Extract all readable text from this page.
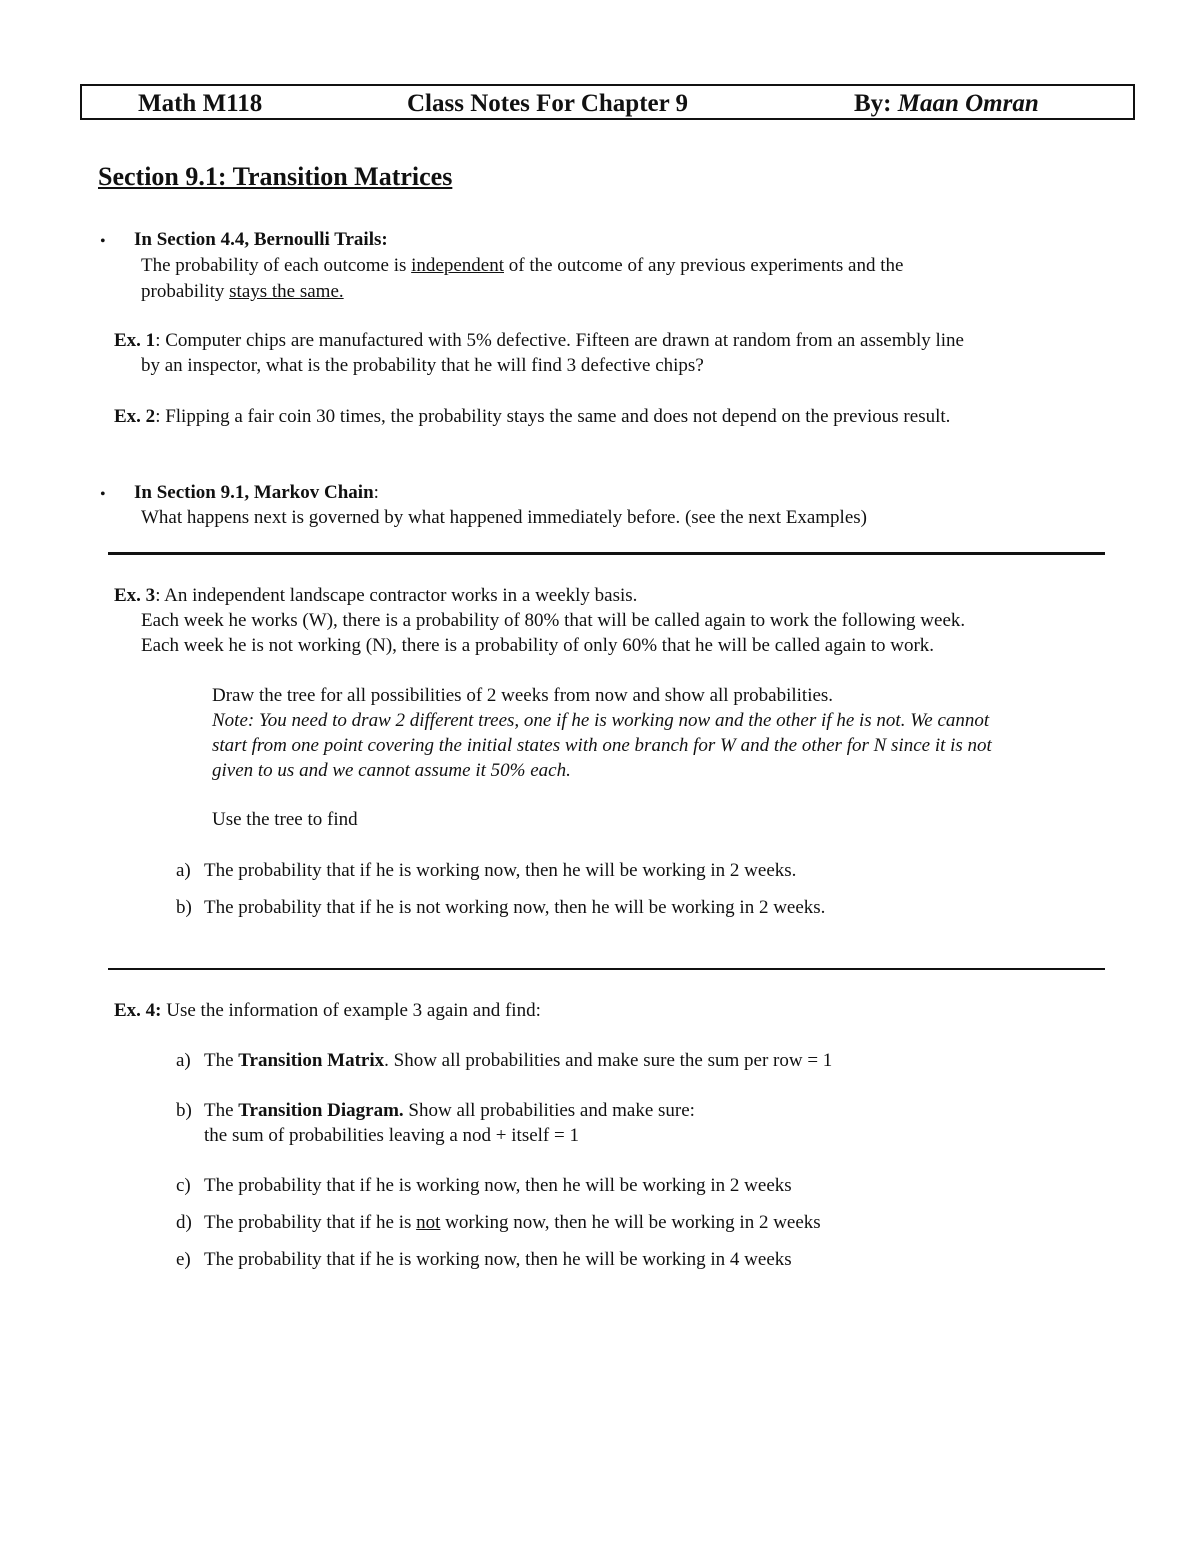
Math M118	Class Notes For Chapter 9	By: Maan Omran
Section 9.1: Transition Matrices
• In Section 4.4, Bernoulli Trails:
The probability of each outcome is independent of the outcome of any previous experiments and the
probability stays the same.
Ex. 1: Computer chips are manufactured with 5% defective. Fifteen are drawn at random from an assembly line
by an inspector, what is the probability that he will find 3 defective chips?
Ex. 2: Flipping a fair coin 30 times, the probability stays the same and does not depend on the previous result.
• In Section 9.1, Markov Chain:
What happens next is governed by what happened immediately before. (see the next Examples)
Ex. 3: An independent landscape contractor works in a weekly basis.
Each week he works (W), there is a probability of 80% that will be called again to work the following week.
Each week he is not working (N), there is a probability of only 60% that he will be called again to work.
Draw the tree for all possibilities of 2 weeks from now and show all probabilities.
Note: You need to draw 2 different trees, one if he is working now and the other if he is not. We cannot
start from one point covering the initial states with one branch for W and the other for N since it is not
given to us and we cannot assume it 50% each.
Use the tree to find
a) The probability that if he is working now, then he will be working in 2 weeks.
b) The probability that if he is not working now, then he will be working in 2 weeks.
Ex. 4: Use the information of example 3 again and find:
a) The Transition Matrix. Show all probabilities and make sure the sum per row = 1
b) The Transition Diagram. Show all probabilities and make sure:
the sum of probabilities leaving a nod + itself = 1
c) The probability that if he is working now, then he will be working in 2 weeks
d) The probability that if he is not working now, then he will be working in 2 weeks
e) The probability that if he is working now, then he will be working in 4 weeks
